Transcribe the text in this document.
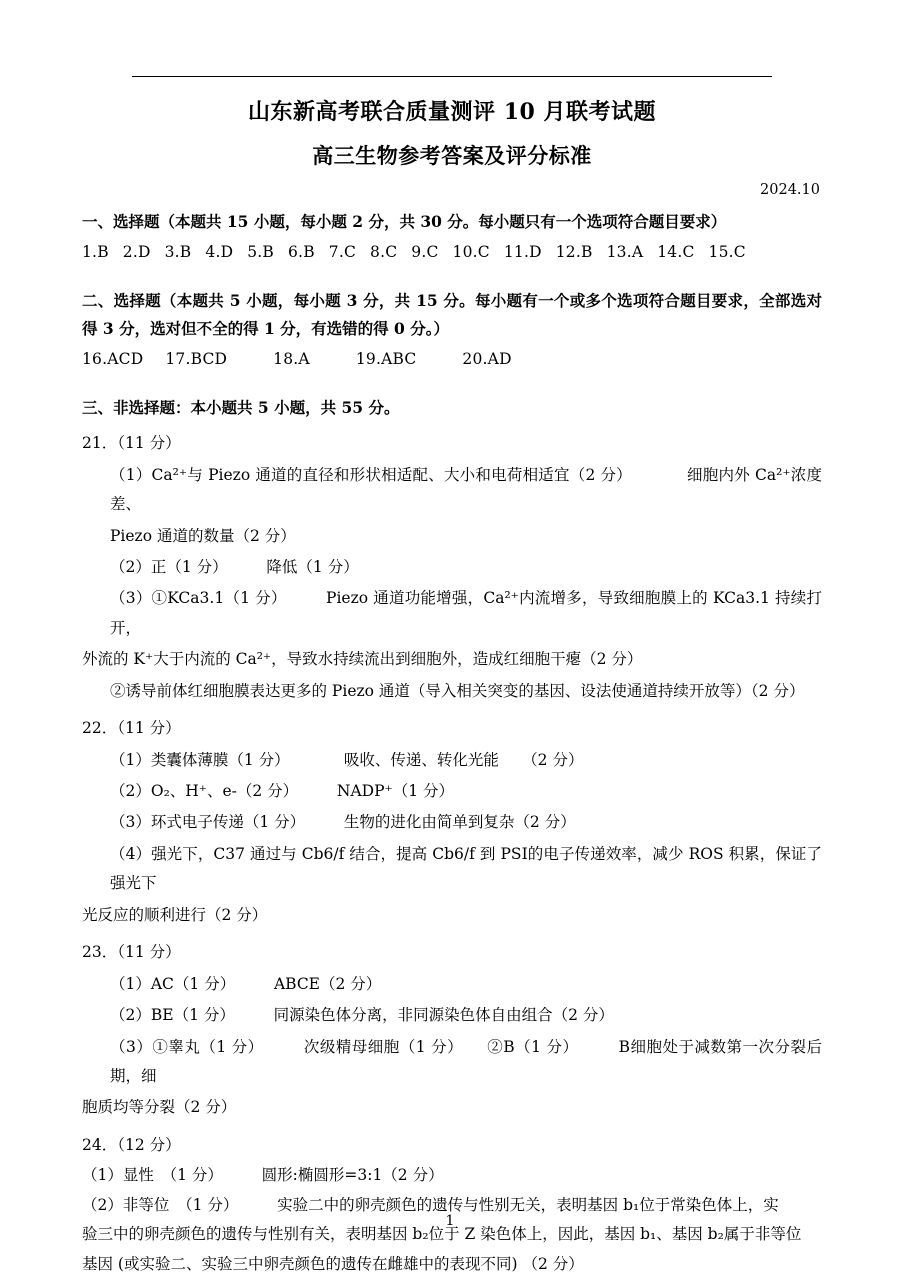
山东新高考联合质量测评 10 月联考试题
高三生物参考答案及评分标准
2024.10
一、选择题（本题共 15 小题，每小题 2 分，共 30 分。每小题只有一个选项符合题目要求）
1.B 2.D 3.B 4.D 5.B 6.B 7.C 8.C 9.C 10.C 11.D 12.B 13.A 14.C 15.C
二、选择题（本题共 5 小题，每小题 3 分，共 15 分。每小题有一个或多个选项符合题目要求，全部选对得 3 分，选对但不全的得 1 分，有选错的得 0 分。）
16.ACD 17.BCD	18.A	19.ABC	20.AD
三、非选择题：本小题共 5 小题，共 55 分。
21．（11 分）
（1）Ca²⁺与 Piezo 通道的直径和形状相适配、大小和电荷相适宜（2 分）　　　　细胞内外 Ca²⁺浓度差、
Piezo 通道的数量（2 分）
（2）正（1 分）　　　降低（1 分）
（3）①KCa3.1（1 分）　　　Piezo 通道功能增强，Ca²⁺内流增多，导致细胞膜上的 KCa3.1 持续打开，
外流的 K⁺大于内流的 Ca²⁺，导致水持续流出到细胞外，造成红细胞干瘪（2 分）
②诱导前体红细胞膜表达更多的 Piezo 通道（导入相关突变的基因、设法使通道持续开放等）（2 分）
22．（11 分）
（1）类囊体薄膜（1 分）　　　　吸收、传递、转化光能　　（2 分）
（2）O₂、H⁺、e-（2 分）　　　NADP⁺（1 分）
（3）环式电子传递（1 分）　　　生物的进化由简单到复杂（2 分）
（4）强光下，C37 通过与 Cb6/f 结合，提高 Cb6/f 到 PSⅠ的电子传递效率，减少 ROS 积累，保证了强光下
光反应的顺利进行（2 分）
23．（11 分）
（1）AC（1 分）　　　ABCE（2 分）
（2）BE（1 分）　　　同源染色体分离，非同源染色体自由组合（2 分）
（3）①睾丸（1 分）　　　次级精母细胞（1 分）　　②B（1 分）　　　B细胞处于减数第一次分裂后期，细
胞质均等分裂（2 分）
24．（12 分）
（1）显性　（1 分）　　　圆形:椭圆形=3:1（2 分）
（2）非等位　（1 分）　　　实验二中的卵壳颜色的遗传与性别无关，表明基因 b₁位于常染色体上，实
验三中的卵壳颜色的遗传与性别有关，表明基因 b₂位于 Z 染色体上，因此，基因 b₁、基因 b₂属于非等位
基因 (或实验二、实验三中卵壳颜色的遗传在雌雄中的表现不同) （2 分）
1
